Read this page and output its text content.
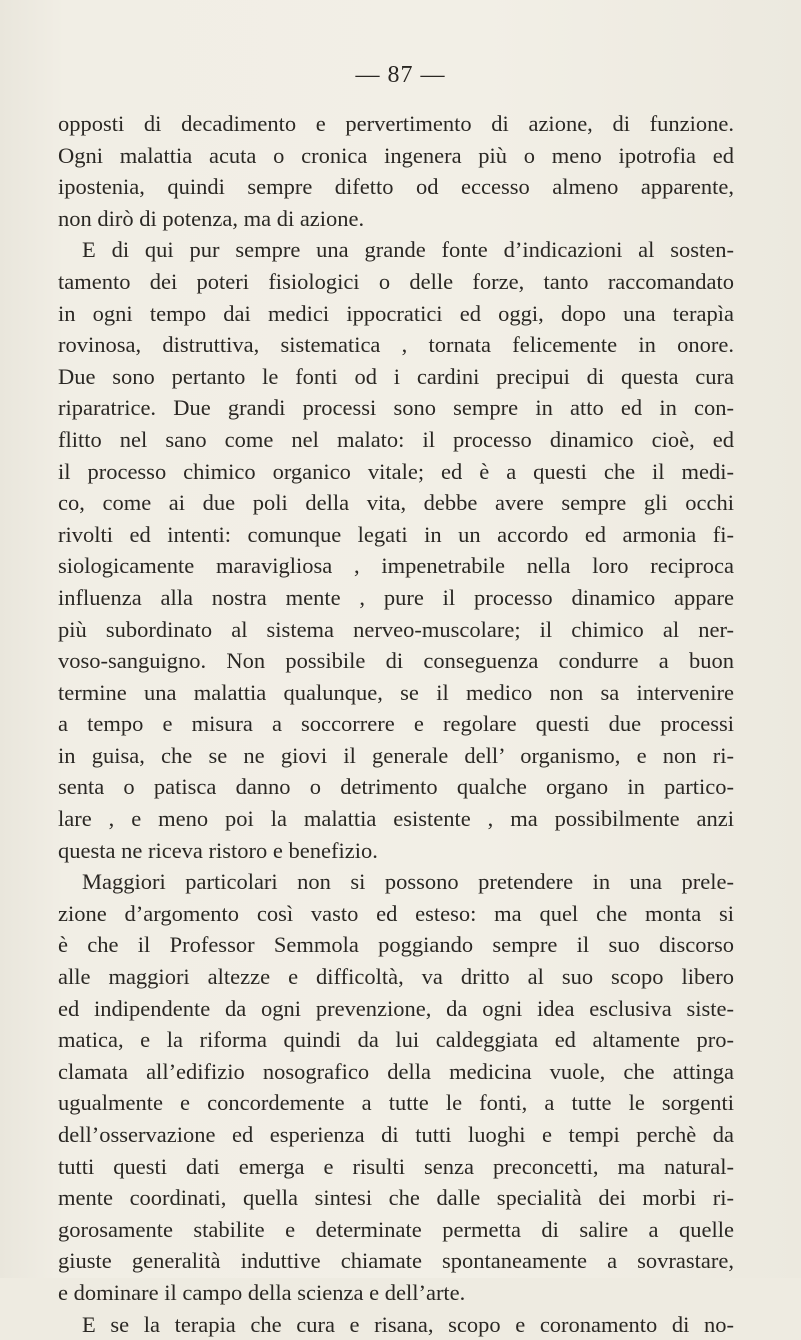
— 87 —
opposti di decadimento e pervertimento di azione, di funzione.
Ogni malattia acuta o cronica ingenera più o meno ipotrofia ed
ipostenia, quindi sempre difetto od eccesso almeno apparente,
non dirò di potenza, ma di azione.
E di qui pur sempre una grande fonte d’indicazioni al sosten-
tamento dei poteri fisiologici o delle forze, tanto raccomandato
in ogni tempo dai medici ippocratici ed oggi, dopo una terapìa
rovinosa, distruttiva, sistematica , tornata felicemente in onore.
Due sono pertanto le fonti od i cardini precipui di questa cura
riparatrice. Due grandi processi sono sempre in atto ed in con-
flitto nel sano come nel malato: il processo dinamico cioè, ed
il processo chimico organico vitale; ed è a questi che il medi-
co, come ai due poli della vita, debbe avere sempre gli occhi
rivolti ed intenti: comunque legati in un accordo ed armonia fi-
siologicamente maravigliosa , impenetrabile nella loro reciproca
influenza alla nostra mente , pure il processo dinamico appare
più subordinato al sistema nerveo-muscolare; il chimico al ner-
voso-sanguigno. Non possibile di conseguenza condurre a buon
termine una malattia qualunque, se il medico non sa intervenire
a tempo e misura a soccorrere e regolare questi due processi
in guisa, che se ne giovi il generale dell’ organismo, e non ri-
senta o patisca danno o detrimento qualche organo in partico-
lare , e meno poi la malattia esistente , ma possibilmente anzi
questa ne riceva ristoro e benefizio.
Maggiori particolari non si possono pretendere in una prele-
zione d’argomento così vasto ed esteso: ma quel che monta si
è che il Professor Semmola poggiando sempre il suo discorso
alle maggiori altezze e difficoltà, va dritto al suo scopo libero
ed indipendente da ogni prevenzione, da ogni idea esclusiva siste-
matica, e la riforma quindi da lui caldeggiata ed altamente pro-
clamata all’edifizio nosografico della medicina vuole, che attinga
ugualmente e concordemente a tutte le fonti, a tutte le sorgenti
dell’osservazione ed esperienza di tutti luoghi e tempi perchè da
tutti questi dati emerga e risulti senza preconcetti, ma natural-
mente coordinati, quella sintesi che dalle specialità dei morbi ri-
gorosamente stabilite e determinate permetta di salire a quelle
giuste generalità induttive chiamate spontaneamente a sovrastare,
e dominare il campo della scienza e dell’arte.
E se la terapia che cura e risana, scopo e coronamento di no-
